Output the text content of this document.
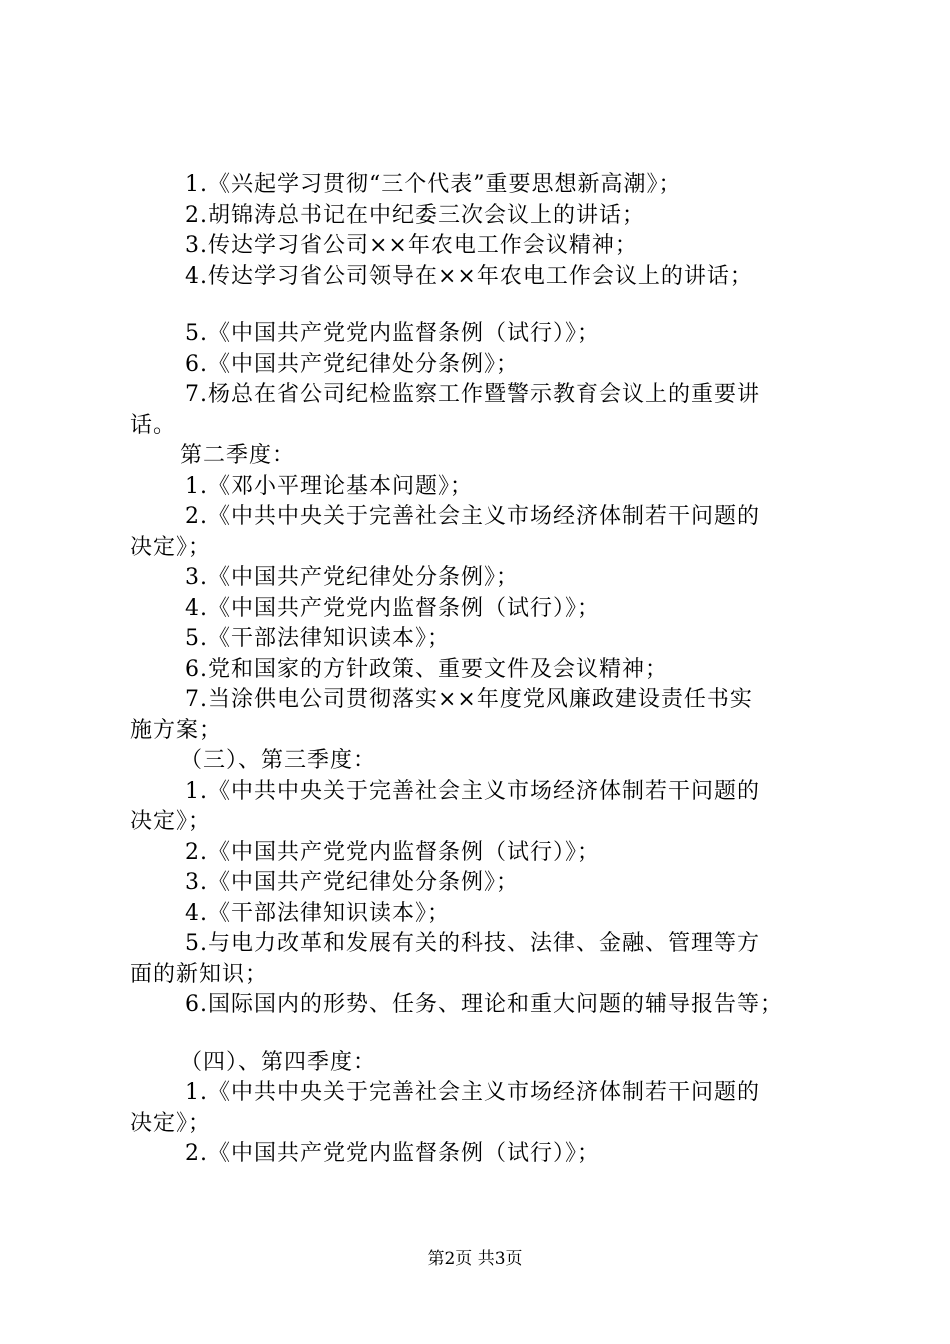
1.《兴起学习贯彻“三个代表”重要思想新高潮》；
2.胡锦涛总书记在中纪委三次会议上的讲话；
3.传达学习省公司××年农电工作会议精神；
4.传达学习省公司领导在××年农电工作会议上的讲话；
5.《中国共产党党内监督条例（试行）》；
6.《中国共产党纪律处分条例》；
7.杨总在省公司纪检监察工作暨警示教育会议上的重要讲
话。
第二季度：
1.《邓小平理论基本问题》；
2.《中共中央关于完善社会主义市场经济体制若干问题的
决定》；
3.《中国共产党纪律处分条例》；
4.《中国共产党党内监督条例（试行）》；
5.《干部法律知识读本》；
6.党和国家的方针政策、重要文件及会议精神；
7.当涂供电公司贯彻落实××年度党风廉政建设责任书实
施方案；
（三）、第三季度：
1.《中共中央关于完善社会主义市场经济体制若干问题的
决定》；
2.《中国共产党党内监督条例（试行）》；
3.《中国共产党纪律处分条例》；
4.《干部法律知识读本》；
5.与电力改革和发展有关的科技、法律、金融、管理等方
面的新知识；
6.国际国内的形势、任务、理论和重大问题的辅导报告等；
（四）、第四季度：
1.《中共中央关于完善社会主义市场经济体制若干问题的
决定》；
2.《中国共产党党内监督条例（试行）》；
第2页 共3页
